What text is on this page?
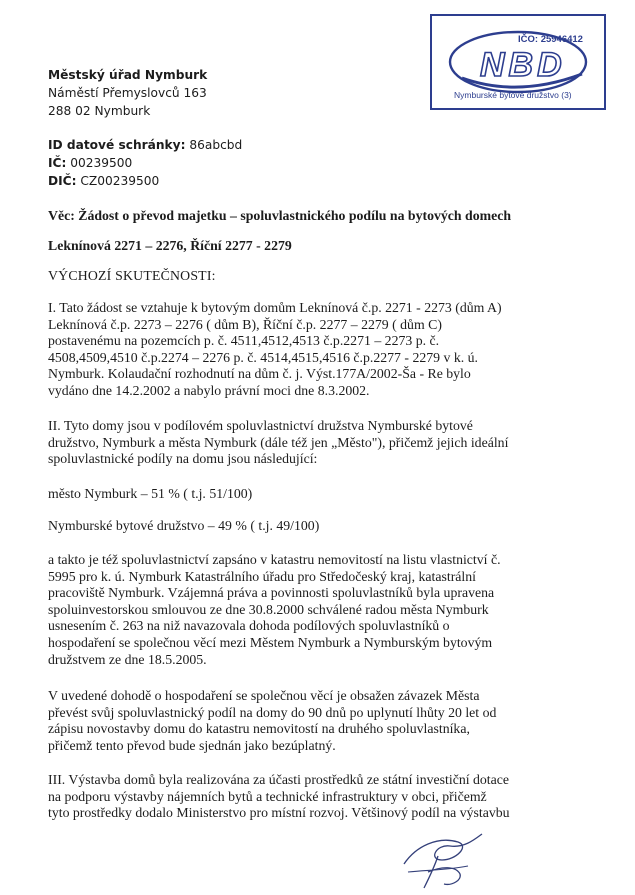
NBD
IČO: 25946412
Nymburské bytové družstvo (3)
Městský úřad Nymburk
Náměstí Přemyslovců 163
288 02 Nymburk
ID datové schránky: 86abcbd
IČ: 00239500
DIČ: CZ00239500
Věc: Žádost o převod majetku – spoluvlastnického podílu na bytových domech
Leknínová 2271 – 2276, Říční 2277 - 2279
VÝCHOZÍ SKUTEČNOSTI:
I. Tato žádost se vztahuje k bytovým domům Leknínová č.p. 2271 - 2273 (dům A)
Leknínová č.p. 2273 – 2276 ( dům B), Říční č.p. 2277 – 2279 ( dům C)
postavenému na pozemcích p. č. 4511,4512,4513 č.p.2271 – 2273 p. č.
4508,4509,4510 č.p.2274 – 2276 p. č. 4514,4515,4516 č.p.2277 - 2279 v k. ú.
Nymburk. Kolaudační rozhodnutí na dům č. j. Výst.177A/2002-Ša - Re bylo
vydáno dne 14.2.2002 a nabylo právní moci dne 8.3.2002.
II. Tyto domy jsou v podílovém spoluvlastnictví družstva Nymburské bytové
družstvo, Nymburk a města Nymburk (dále též jen „Město"), přičemž jejich ideální
spoluvlastnické podíly na domu jsou následující:
město Nymburk – 51 % ( t.j. 51/100)
Nymburské bytové družstvo – 49 % ( t.j. 49/100)
a takto je též spoluvlastnictví zapsáno v katastru nemovitostí na listu vlastnictví č.
5995 pro k. ú. Nymburk Katastrálního úřadu pro Středočeský kraj, katastrální
pracoviště Nymburk. Vzájemná práva a povinnosti spoluvlastníků byla upravena
spoluinvestorskou smlouvou ze dne 30.8.2000 schválené radou města Nymburk
usnesením č. 263 na niž navazovala dohoda podílových spoluvlastníků o
hospodaření se společnou věcí mezi Městem Nymburk a Nymburským bytovým
družstvem ze dne 18.5.2005.
V uvedené dohodě o hospodaření se společnou věcí je obsažen závazek Města
převést svůj spoluvlastnický podíl na domy do 90 dnů po uplynutí lhůty 20 let od
zápisu novostavby domu do katastru nemovitostí na druhého spoluvlastníka,
přičemž tento převod bude sjednán jako bezúplatný.
III. Výstavba domů byla realizována za účasti prostředků ze státní investiční dotace
na podporu výstavby nájemních bytů a technické infrastruktury v obci, přičemž
tyto prostředky dodalo Ministerstvo pro místní rozvoj. Většinový podíl na výstavbu
